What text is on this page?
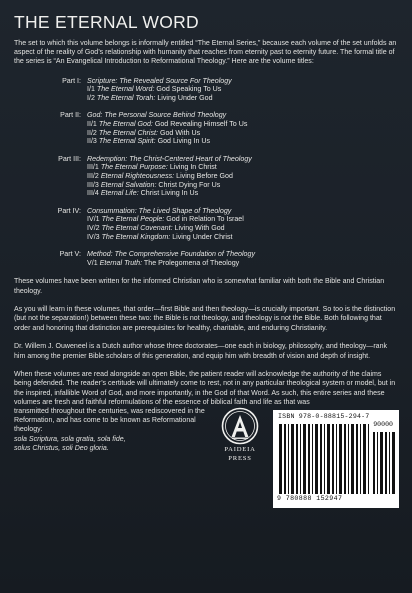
THE ETERNAL WORD

The set to which this volume belongs is informally entitled “The Eternal Series,” because each volume of the set unfolds an aspect of the reality of God’s relationship with humanity that reaches from eternity past to eternity future. The formal title of the series is “An Evangelical Introduction to Reformational Theology.” Here are the volume titles:

Part I: Scripture: The Revealed Source For Theology
I/1 The Eternal Word: God Speaking To Us
I/2 The Eternal Torah: Living Under God
Part II: God: The Personal Source Behind Theology
II/1 The Eternal God: God Revealing Himself To Us
II/2 The Eternal Christ: God With Us
II/3 The Eternal Spirit: God Living In Us
Part III: Redemption: The Christ-Centered Heart of Theology
III/1 The Eternal Purpose: Living In Christ
III/2 Eternal Righteousness: Living Before God
III/3 Eternal Salvation: Christ Dying For Us
III/4 Eternal Life: Christ Living In Us
Part IV: Consummation: The Lived Shape of Theology
IV/1 The Eternal People: God in Relation To Israel
IV/2 The Eternal Covenant: Living With God
IV/3 The Eternal Kingdom: Living Under Christ
Part V: Method: The Comprehensive Foundation of Theology
V/1 Eternal Truth: The Prolegomena of Theology

These volumes have been written for the informed Christian who is somewhat familiar with both the Bible and Christian theology.

As you will learn in these volumes, that order—first Bible and then theology—is crucially important. So too is the distinction (but not the separation!) between these two: the Bible is not theology, and theology is not the Bible. Both following that order and honoring that distinction are prerequisites for healthy, charitable, and enduring Christianity.

Dr. Willem J. Ouweneel is a Dutch author whose three doctorates—one each in biology, philosophy, and theology—rank him among the premier Bible scholars of this generation, and equip him with breadth of vision and depth of insight.

When these volumes are read alongside an open Bible, the patient reader will acknowledge the authority of the claims being defended. The reader’s certitude will ultimately come to rest, not in any particular theological system or model, but in the inspired, infallible Word of God, and more importantly, in the God of that Word. As such, this entire series and these volumes are fresh and faithful reformulations of the essence of biblical faith and life as that was

transmitted throughout the centuries, was rediscovered in the Reformation, and has come to be known as Reformational theology:
sola Scriptura, sola gratia, sola fide,
solus Christus, soli Deo gloria.	PAIDEIA
PRESS
ISBN 978-0-88815-294-7
90000
9 780888 152947
